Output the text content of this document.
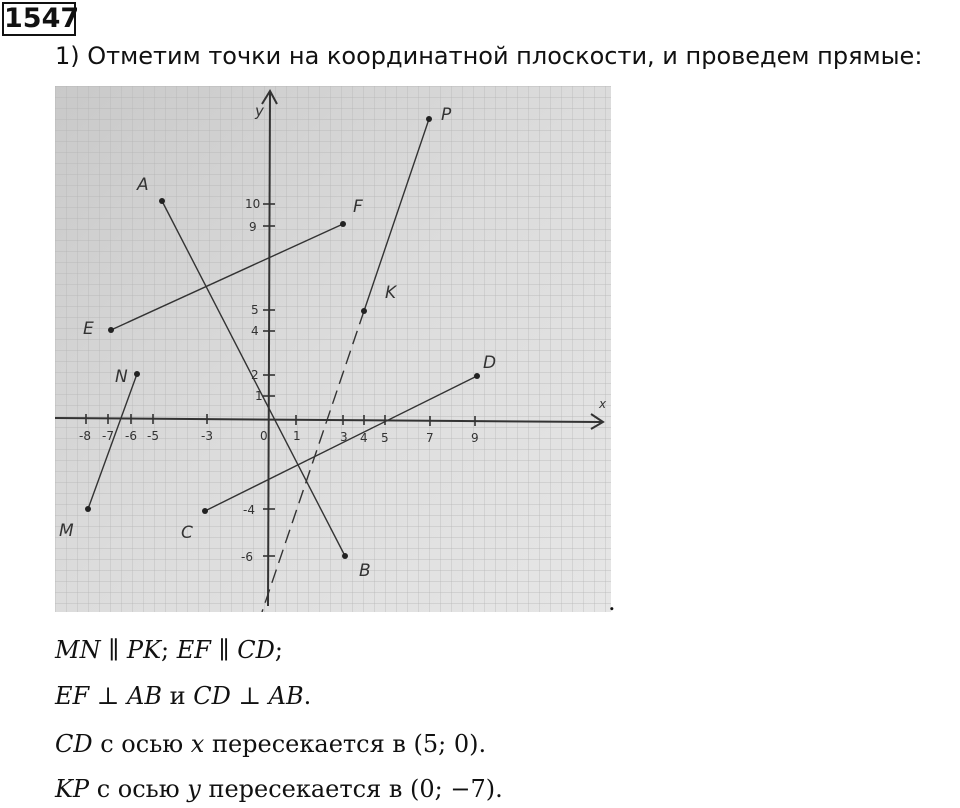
1547
1) Отметим точки на координатной плоскости, и проведем прямые:
y
x
-8 -7 -6 -5	-3	0 1	3 4 5	7	9
10
9
5
4
2
1
-4
-6
P
A
F
K
E
D
N
C
M
B
.
MN ∥ PK; EF ∥ CD;
EF ⊥ AB и CD ⊥ AB.
CD с осью x пересекается в (5; 0).
KP с осью y пересекается в (0; −7).
